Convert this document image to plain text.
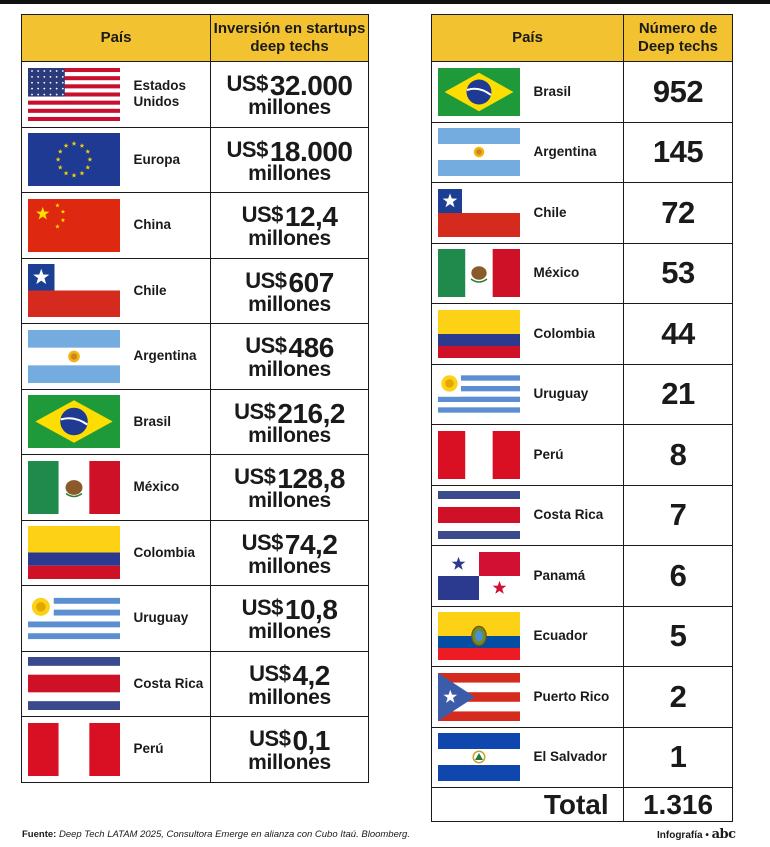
País		Inversión en startups deep techs

	Estados Unidos	US$32.000
millones

	Europa	US$18.000
millones

	China	US$12,4
millones

	Chile	US$607
millones

	Argentina	US$486
millones

	Brasil	US$216,2
millones

	México	US$128,8
millones

	Colombia	US$74,2
millones

	Uruguay	US$10,8
millones

	Costa Rica	US$4,2
millones

	Perú	US$0,1
millones
País		Número de Deep techs

	Brasil	952

	Argentina	145

	Chile	72

	México	53

	Colombia	44

	Uruguay	21

	Perú	8

	Costa Rica	7

	Panamá	6

	Ecuador	5

	Puerto Rico	2

	El Salvador	1
	Total	1.316
Fuente: Deep Tech LATAM 2025, Consultora Emerge en alianza con Cubo Itaú. Bloomberg.	Infografía • abc
